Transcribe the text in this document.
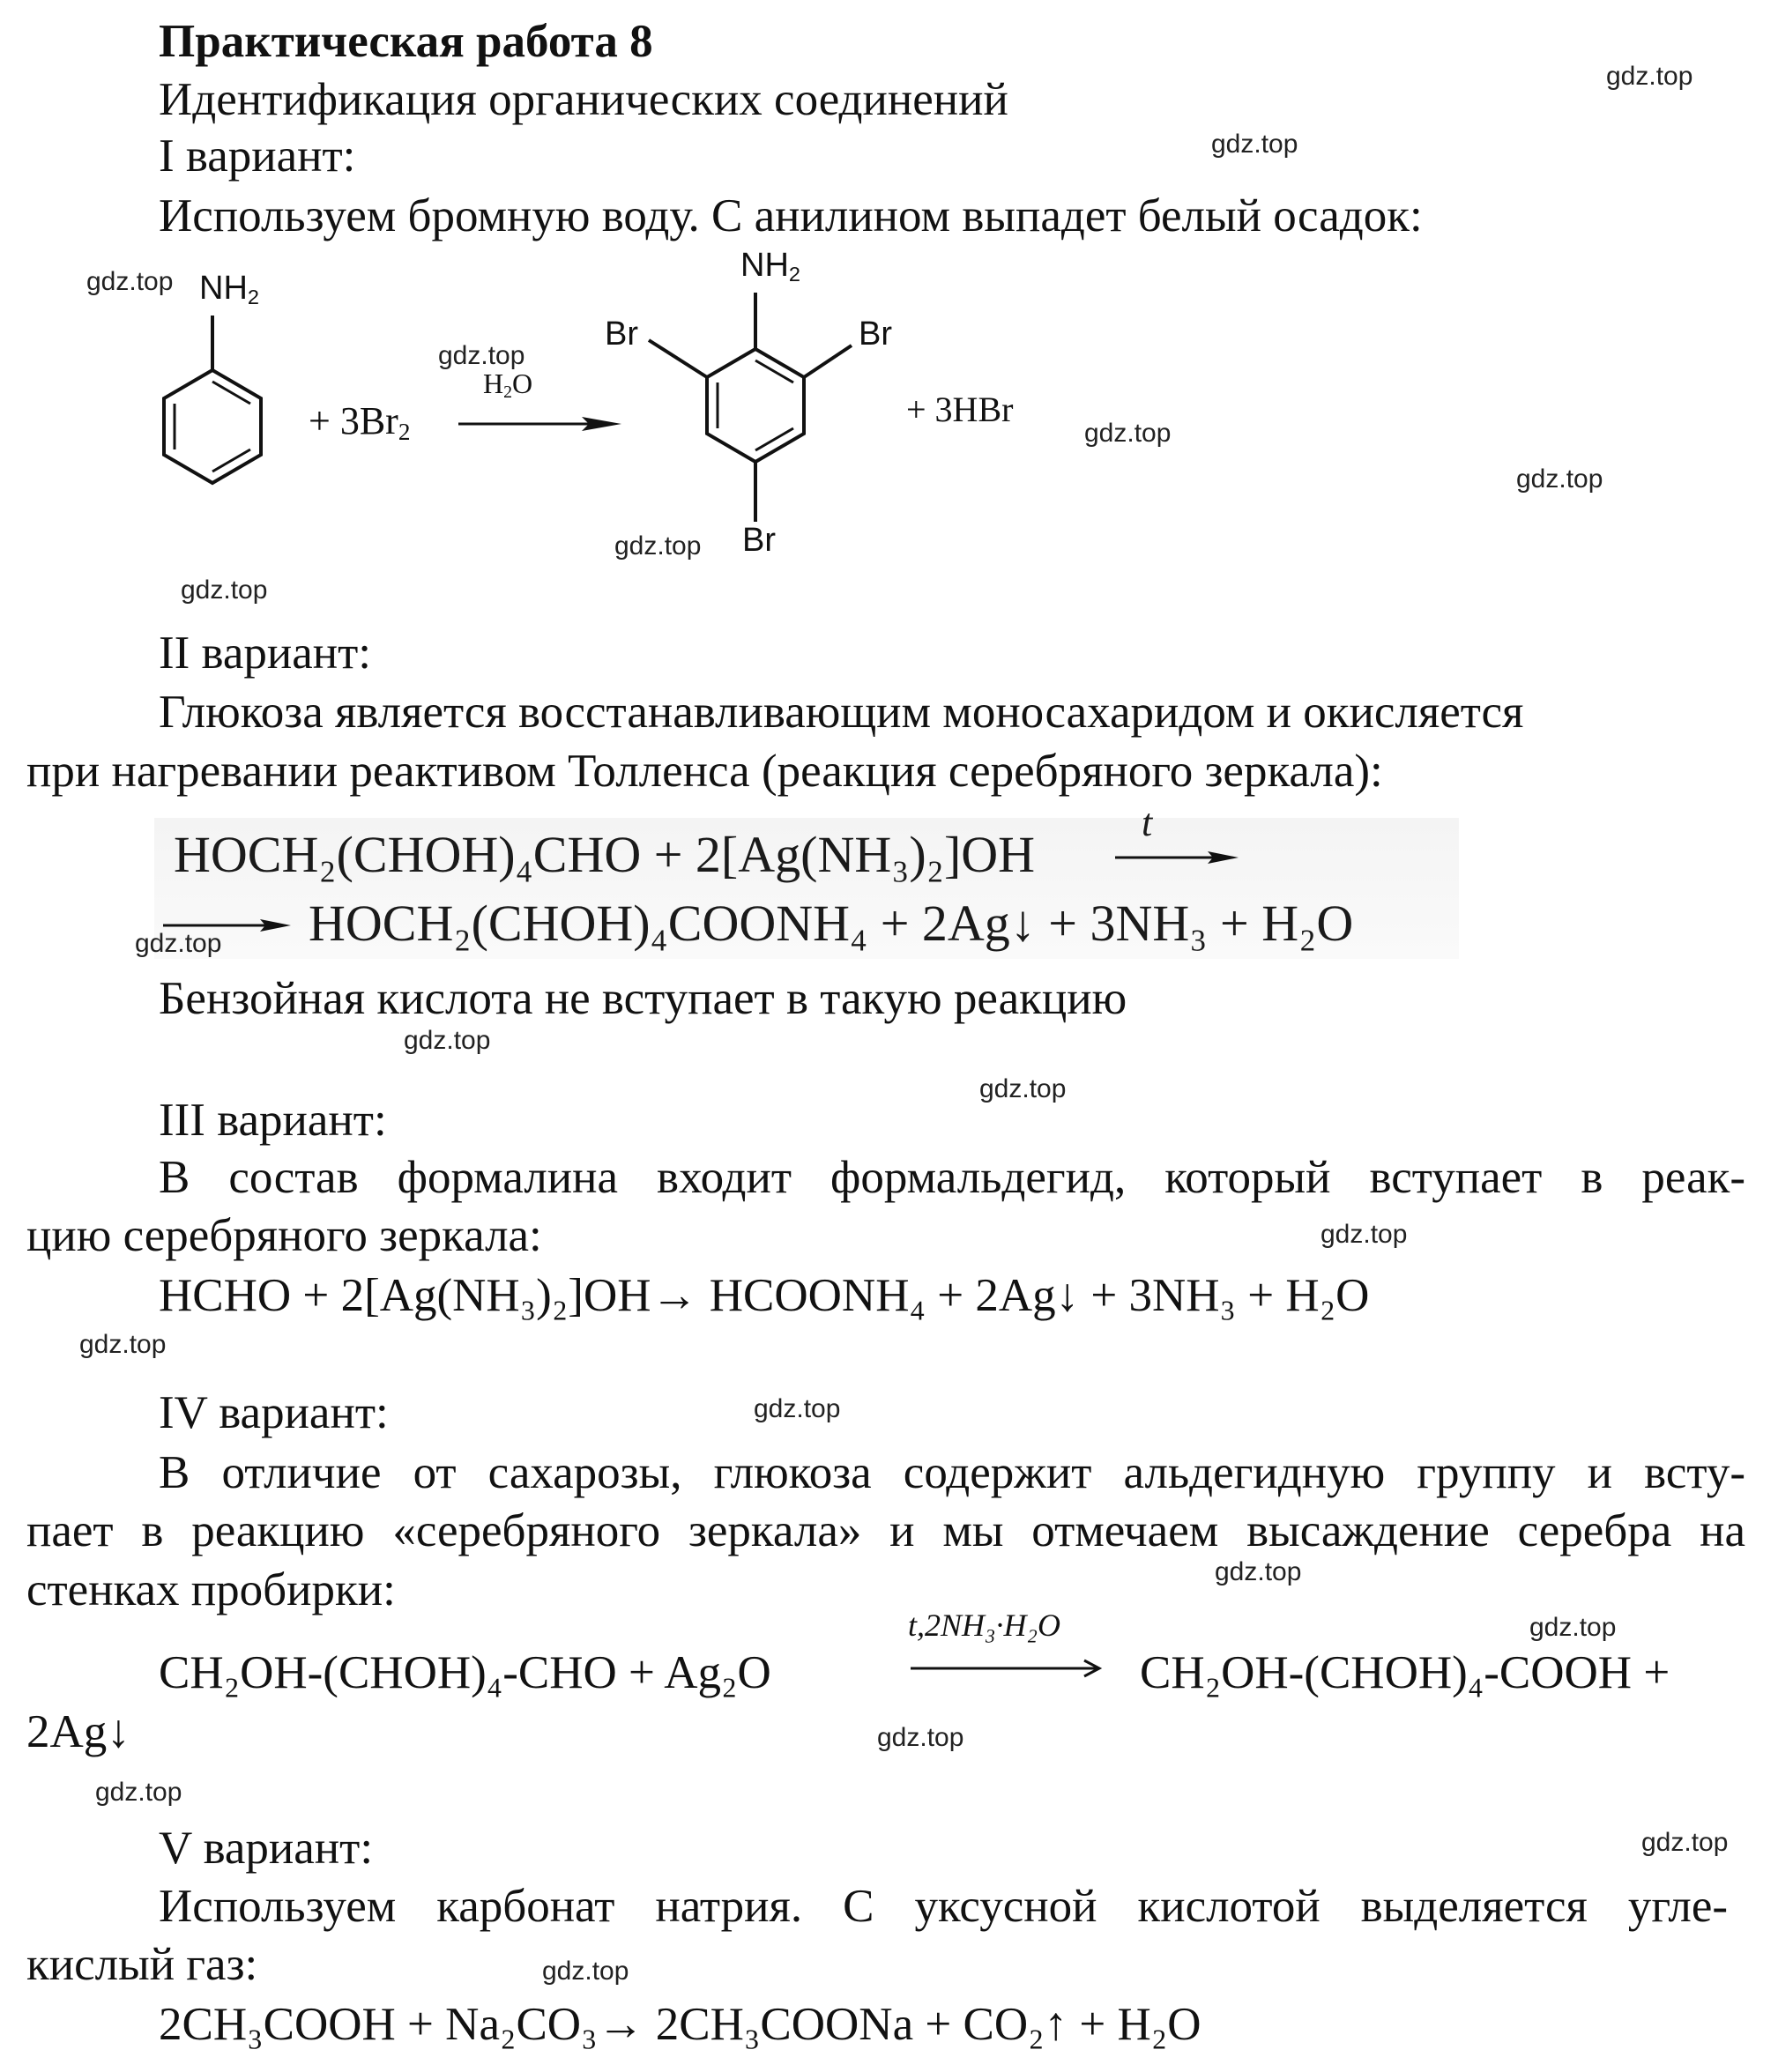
Практическая работа 8
Идентификация органических соединений
I вариант:
Используем бромную воду. С анилином выпадет белый осадок:
$NH_2$
+ $3Br_2$
$H_2O$
$NH_2$
Br	Br
Br
+ 3HBr
II вариант:
Глюкоза является восстанавливающим моносахаридом и окисляется
при нагревании реактивом Толленса (реакция серебряного зеркала):
HOCH₂(CHOH)₄CHO + 2[Ag(NH₃)₂]OH
t
HOCH₂(CHOH)₄COONH₄ + 2Ag↓ + 3NH₃ + H₂O
Бензойная кислота не вступает в такую реакцию
III вариант:
В состав формалина входит формальдегид, который вступает в реак-
цию серебряного зеркала:
HCHO + 2[Ag(NH₃)₂]OH→ HCOONH₄ + 2Ag↓ + 3NH₃ + H₂O
IV вариант:
В отличие от сахарозы, глюкоза содержит альдегидную группу и всту-
пает в реакцию «серебряного зеркала» и мы отмечаем высаждение серебра на
стенках пробирки:
CH₂OH-(CHOH)₄-CHO + Ag₂O
t,2NH₃·H₂O
CH₂OH-(CHOH)₄-COOH +
2Ag↓
V вариант:
Используем карбонат натрия. С уксусной кислотой выделяется угле-
кислый газ:
2CH₃COOH + Na₂CO₃→ 2CH₃COONa + CO₂↑ + H₂O
gdz.top
gdz.top
gdz.top
gdz.top
gdz.top
gdz.top
gdz.top
gdz.top
gdz.top
gdz.top
gdz.top
gdz.top
gdz.top
gdz.top
gdz.top
gdz.top
gdz.top
gdz.top
gdz.top
gdz.top
